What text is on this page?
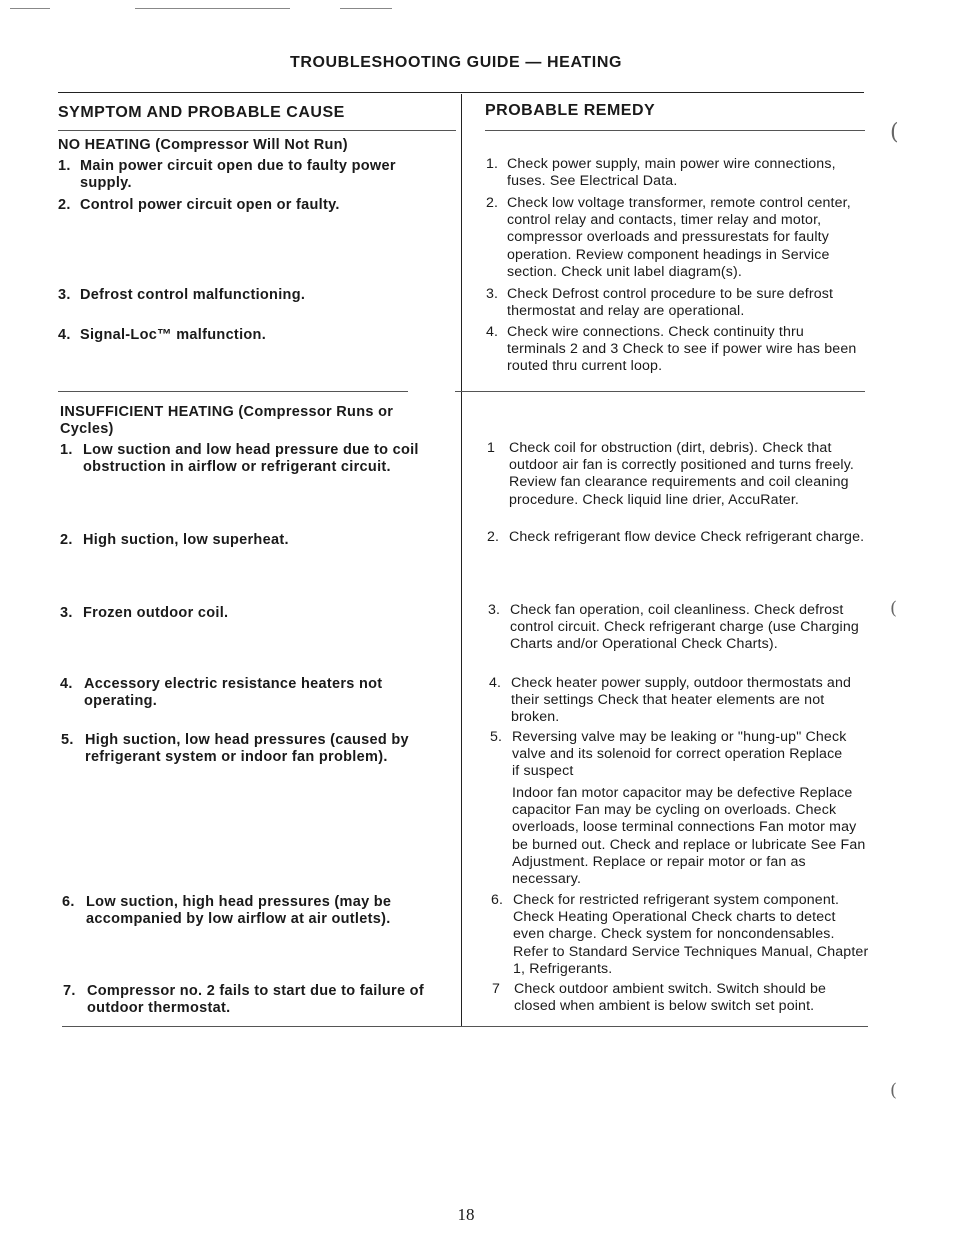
TROUBLESHOOTING GUIDE — HEATING
SYMPTOM AND PROBABLE CAUSE	PROBABLE REMEDY
NO HEATING (Compressor Will Not Run)
1. Main power circuit open due to faulty power supply.
2. Control power circuit open or faulty.
3. Defrost control malfunctioning.
4. Signal-Loc™ malfunction.
1. Check power supply, main power wire connections, fuses. See Electrical Data.
2. Check low voltage transformer, remote control center, control relay and contacts, timer relay and motor, compressor overloads and pressurestats for faulty operation. Review component headings in Service section. Check unit label diagram(s).
3. Check Defrost control procedure to be sure defrost thermostat and relay are operational.
4. Check wire connections. Check continuity thru terminals 2 and 3 Check to see if power wire has been routed thru current loop.
INSUFFICIENT HEATING (Compressor Runs or Cycles)
1. Low suction and low head pressure due to coil obstruction in airflow or refrigerant circuit.
2. High suction, low superheat.
3. Frozen outdoor coil.
4. Accessory electric resistance heaters not operating.
5. High suction, low head pressures (caused by refrigerant system or indoor fan problem).
6. Low suction, high head pressures (may be accompanied by low airflow at air outlets).
7. Compressor no. 2 fails to start due to failure of outdoor thermostat.
1 Check coil for obstruction (dirt, debris). Check that outdoor air fan is correctly positioned and turns freely. Review fan clearance requirements and coil cleaning procedure. Check liquid line drier, AccuRater.
2. Check refrigerant flow device Check refrigerant charge.
3. Check fan operation, coil cleanliness. Check defrost control circuit. Check refrigerant charge (use Charging Charts and/or Operational Check Charts).
4. Check heater power supply, outdoor thermostats and their settings Check that heater elements are not broken.
5. Reversing valve may be leaking or "hung-up" Check valve and its solenoid for correct operation Replace if suspect
Indoor fan motor capacitor may be defective Replace capacitor Fan may be cycling on overloads. Check overloads, loose terminal connections Fan motor may be burned out. Check and replace or lubricate See Fan Adjustment. Replace or repair motor or fan as necessary.
6. Check for restricted refrigerant system component. Check Heating Operational Check charts to detect even charge. Check system for noncondensables. Refer to Standard Service Techniques Manual, Chapter 1, Refrigerants.
7 Check outdoor ambient switch. Switch should be closed when ambient is below switch set point.
(
(
(
18
